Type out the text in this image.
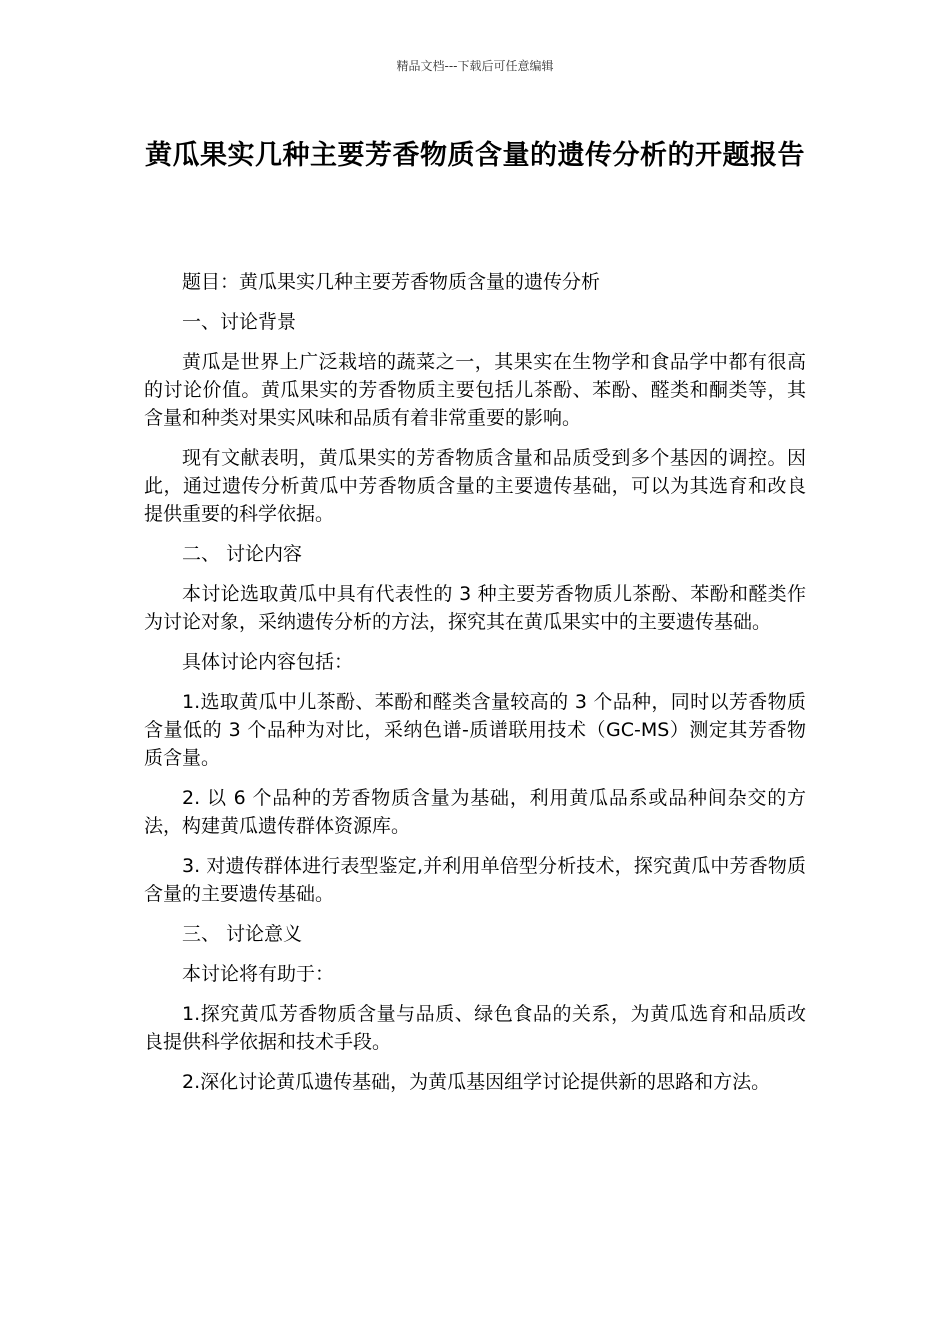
精品文档---下载后可任意编辑
黄瓜果实几种主要芳香物质含量的遗传分析的开题报告

题目：黄瓜果实几种主要芳香物质含量的遗传分析

一、讨论背景

黄瓜是世界上广泛栽培的蔬菜之一，其果实在生物学和食品学中都有很高的讨论价值。黄瓜果实的芳香物质主要包括儿茶酚、苯酚、醛类和酮类等，其含量和种类对果实风味和品质有着非常重要的影响。

现有文献表明，黄瓜果实的芳香物质含量和品质受到多个基因的调控。因此，通过遗传分析黄瓜中芳香物质含量的主要遗传基础，可以为其选育和改良提供重要的科学依据。

二、 讨论内容

本讨论选取黄瓜中具有代表性的 3 种主要芳香物质儿茶酚、苯酚和醛类作为讨论对象，采纳遗传分析的方法，探究其在黄瓜果实中的主要遗传基础。

具体讨论内容包括：

1.选取黄瓜中儿茶酚、苯酚和醛类含量较高的 3 个品种，同时以芳香物质含量低的 3 个品种为对比，采纳色谱-质谱联用技术（GC-MS）测定其芳香物质含量。

2. 以 6 个品种的芳香物质含量为基础，利用黄瓜品系或品种间杂交的方法，构建黄瓜遗传群体资源库。

3. 对遗传群体进行表型鉴定,并利用单倍型分析技术，探究黄瓜中芳香物质含量的主要遗传基础。

三、 讨论意义

本讨论将有助于：

1.探究黄瓜芳香物质含量与品质、绿色食品的关系，为黄瓜选育和品质改良提供科学依据和技术手段。

2.深化讨论黄瓜遗传基础，为黄瓜基因组学讨论提供新的思路和方法。
